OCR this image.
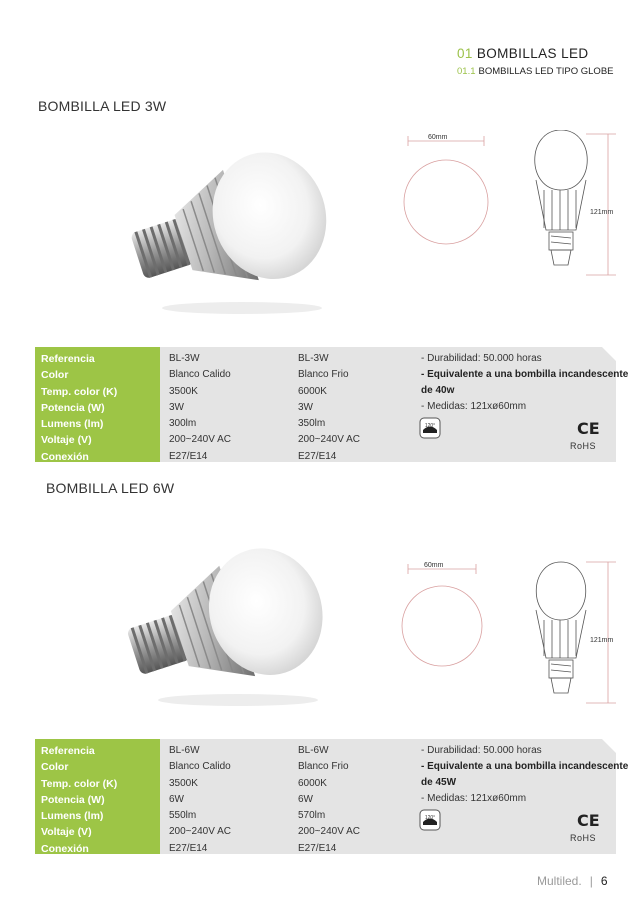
01 BOMBILLAS LED
01.1 BOMBILLAS LED TIPO GLOBE
BOMBILLA LED 3W
60mm
121mm
Referencia
Color
Temp. color (K)
Potencia (W)
Lumens (lm)
Voltaje (V)
Conexión
BL-3W
Blanco Calido
3500K
3W
300lm
200~240V AC
E27/E14
BL-3W
Blanco Frio
6000K
3W
350lm
200~240V AC
E27/E14
- Durabilidad: 50.000 horas
- Equivalente a una bombilla incandescente
de 40w
- Medidas: 121xø60mm
120°	CE
RoHS
BOMBILLA LED 6W
60mm
121mm
Referencia
Color
Temp. color (K)
Potencia (W)
Lumens (lm)
Voltaje (V)
Conexión
BL-6W
Blanco Calido
3500K
6W
550lm
200~240V AC
E27/E14
BL-6W
Blanco Frio
6000K
6W
570lm
200~240V AC
E27/E14
- Durabilidad: 50.000 horas
- Equivalente a una bombilla incandescente
de 45W
- Medidas: 121xø60mm
120°	CE
RoHS
Multiled. | 6
